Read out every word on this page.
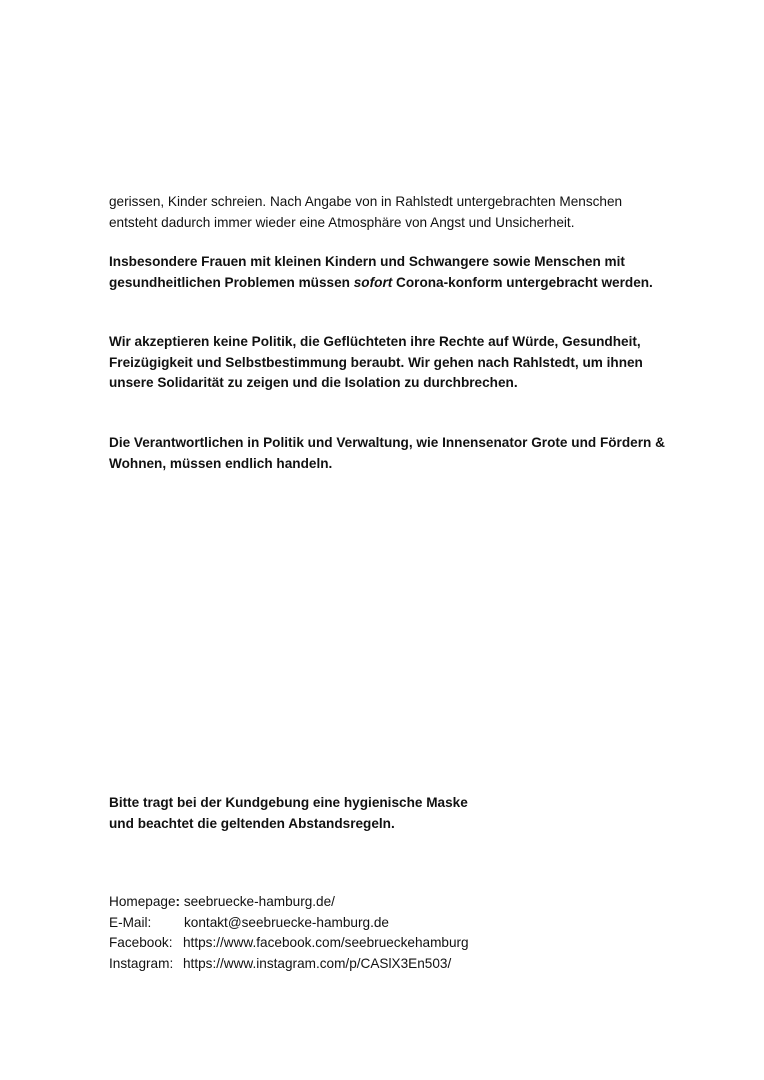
gerissen, Kinder schreien. Nach Angabe von in Rahlstedt untergebrachten Menschen
entsteht dadurch immer wieder eine Atmosphäre von Angst und Unsicherheit.

Insbesondere Frauen mit kleinen Kindern und Schwangere sowie Menschen mit
gesundheitlichen Problemen müssen sofort Corona-konform untergebracht werden.

Wir akzeptieren keine Politik, die Geflüchteten ihre Rechte auf Würde, Gesundheit,
Freizügigkeit und Selbstbestimmung beraubt. Wir gehen nach Rahlstedt, um ihnen
unsere Solidarität zu zeigen und die Isolation zu durchbrechen.

Die Verantwortlichen in Politik und Verwaltung, wie Innensenator Grote und Fördern &
Wohnen, müssen endlich handeln.

Bitte tragt bei der Kundgebung eine hygienische Maske
und beachtet die geltenden Abstandsregeln.

Homepage: seebruecke-hamburg.de/
E-Mail: kontakt@seebruecke-hamburg.de
Facebook: https://www.facebook.com/seebrueckehamburg
Instagram: https://www.instagram.com/p/CASlX3En503/
